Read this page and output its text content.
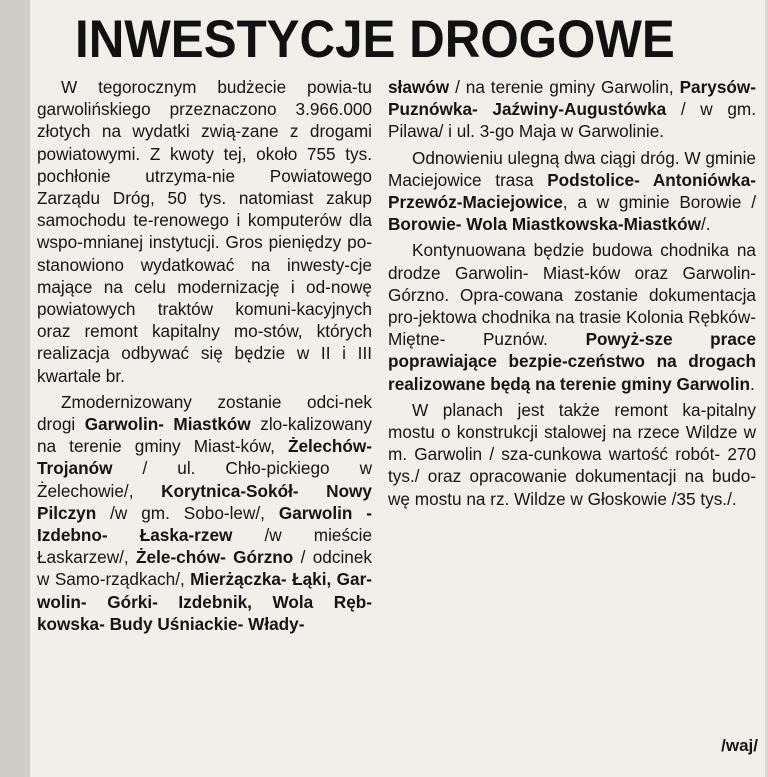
INWESTYCJE DROGOWE

W tegorocznym budżecie powia-tu garwolińskiego przeznaczono 3.966.000 złotych na wydatki zwią-zane z drogami powiatowymi. Z kwoty tej, około 755 tys. pochłonie utrzyma-nie Powiatowego Zarządu Dróg, 50 tys. natomiast zakup samochodu te-renowego i komputerów dla wspo-mnianej instytucji. Gros pieniędzy po-stanowiono wydatkować na inwesty-cje mające na celu modernizację i od-nowę powiatowych traktów komuni-kacyjnych oraz remont kapitalny mo-stów, których realizacja odbywać się będzie w II i III kwartale br.

Zmodernizowany zostanie odci-nek drogi Garwolin- Miastków zlo-kalizowany na terenie gminy Miast-ków, Żelechów- Trojanów / ul. Chło-pickiego w Żelechowie/, Korytnica-Sokół- Nowy Pilczyn /w gm. Sobo-lew/, Garwolin - Izdebno- Łaska-rzew /w mieście Łaskarzew/, Żele-chów- Górzno / odcinek w Samo-rządkach/, Mierżączka- Łąki, Gar-wolin- Górki- Izdebnik, Wola Ręb-kowska- Budy Uśniackie- Włady-

sławów / na terenie gminy Garwolin, Parysów- Puznówka- Jaźwiny-Augustówka / w gm. Pilawa/ i ul. 3-go Maja w Garwolinie.

Odnowieniu ulegną dwa ciągi dróg. W gminie Maciejowice trasa Podstolice- Antoniówka- Przewóz-Maciejowice, a w gminie Borowie / Borowie- Wola Miastkowska-Miastków/.

Kontynuowana będzie budowa chodnika na drodze Garwolin- Miast-ków oraz Garwolin- Górzno. Opra-cowana zostanie dokumentacja pro-jektowa chodnika na trasie Kolonia Rębków- Miętne- Puznów. Powyż-sze prace poprawiające bezpie-czeństwo na drogach realizowane będą na terenie gminy Garwolin.

W planach jest także remont ka-pitalny mostu o konstrukcji stalowej na rzece Wildze w m. Garwolin / sza-cunkowa wartość robót- 270 tys./ oraz opracowanie dokumentacji na budo-wę mostu na rz. Wildze w Głoskowie /35 tys./.

/waj/
